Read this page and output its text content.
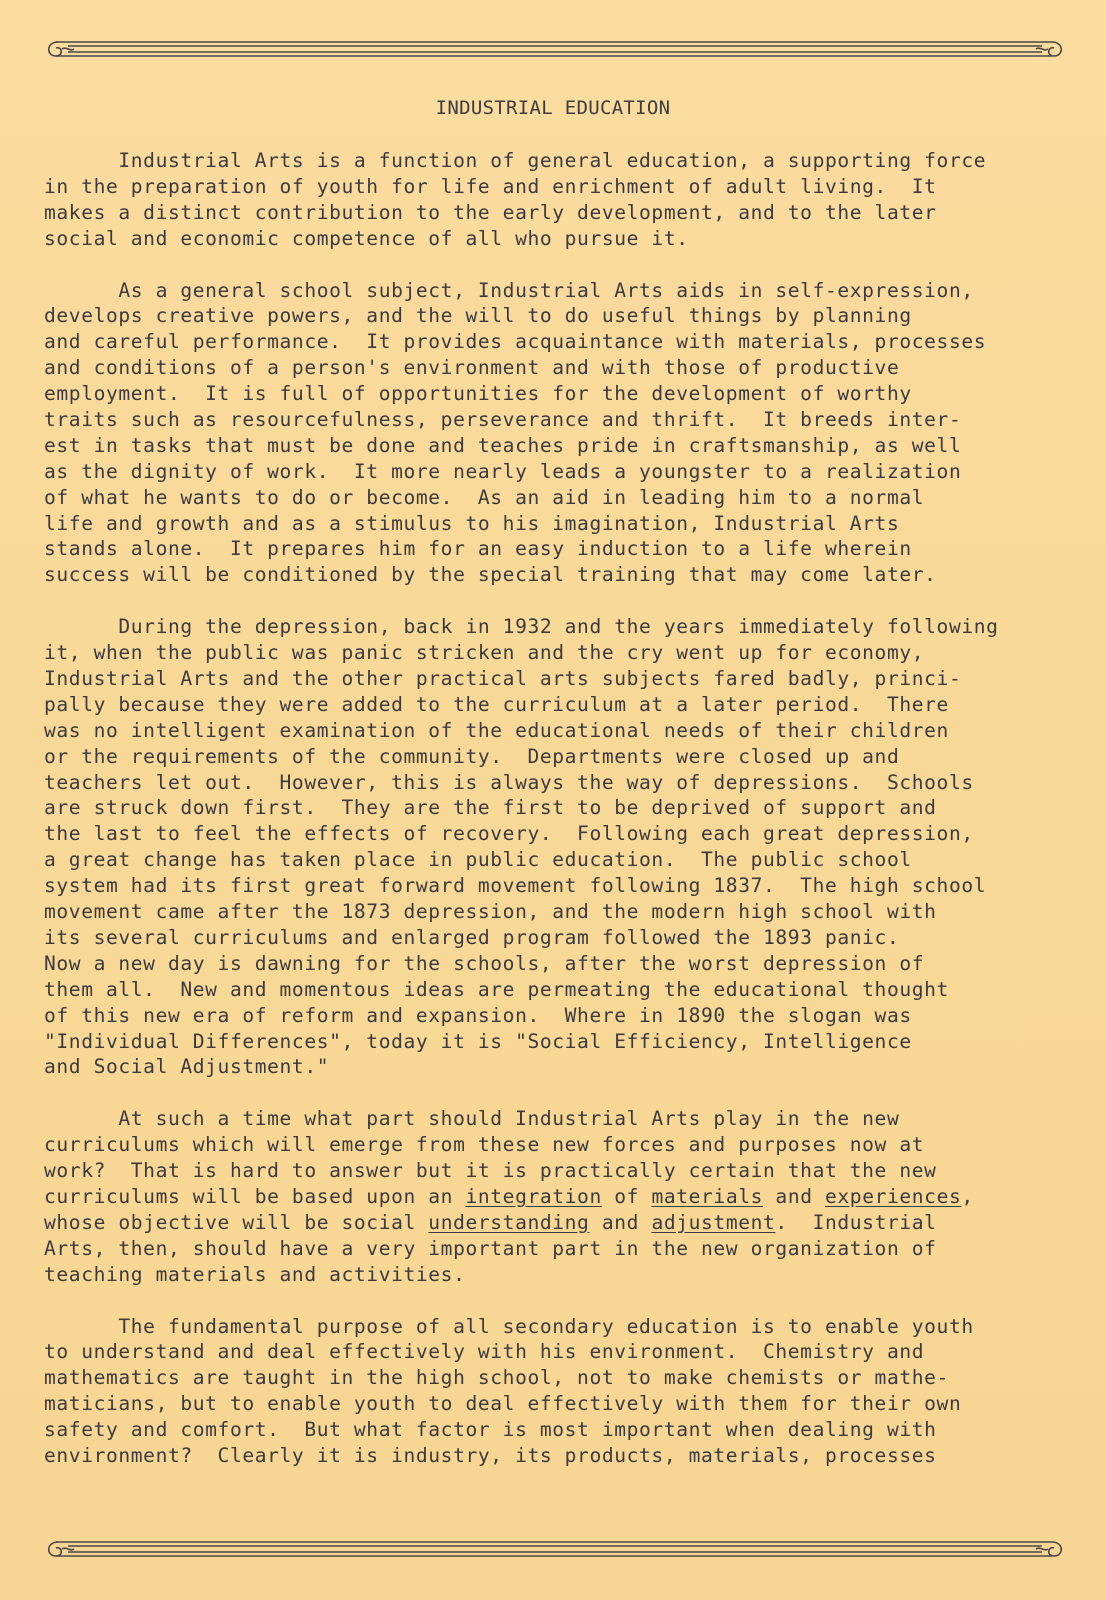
INDUSTRIAL EDUCATION
Industrial Arts is a function of general education, a supporting force
in the preparation of youth for life and enrichment of adult living.  It
makes a distinct contribution to the early development, and to the later
social and economic competence of all who pursue it.
As a general school subject, Industrial Arts aids in self-expression,
develops creative powers, and the will to do useful things by planning
and careful performance.  It provides acquaintance with materials, processes
and conditions of a person's environment and with those of productive
employment.  It is full of opportunities for the development of worthy
traits such as resourcefulness, perseverance and thrift.  It breeds inter-
est in tasks that must be done and teaches pride in craftsmanship, as well
as the dignity of work.  It more nearly leads a youngster to a realization
of what he wants to do or become.  As an aid in leading him to a normal
life and growth and as a stimulus to his imagination, Industrial Arts
stands alone.  It prepares him for an easy induction to a life wherein
success will be conditioned by the special training that may come later.
During the depression, back in 1932 and the years immediately following
it, when the public was panic stricken and the cry went up for economy,
Industrial Arts and the other practical arts subjects fared badly, princi-
pally because they were added to the curriculum at a later period.  There
was no intelligent examination of the educational needs of their children
or the requirements of the community.  Departments were closed up and
teachers let out.  However, this is always the way of depressions.  Schools
are struck down first.  They are the first to be deprived of support and
the last to feel the effects of recovery.  Following each great depression,
a great change has taken place in public education.  The public school
system had its first great forward movement following 1837.  The high school
movement came after the 1873 depression, and the modern high school with
its several curriculums and enlarged program followed the 1893 panic.
Now a new day is dawning for the schools, after the worst depression of
them all.  New and momentous ideas are permeating the educational thought
of this new era of reform and expansion.  Where in 1890 the slogan was
"Individual Differences", today it is "Social Efficiency, Intelligence
and Social Adjustment."
At such a time what part should Industrial Arts play in the new
curriculums which will emerge from these new forces and purposes now at
work?  That is hard to answer but it is practically certain that the new
curriculums will be based upon an integration of materials and experiences,
whose objective will be social understanding and adjustment.  Industrial
Arts, then, should have a very important part in the new organization of
teaching materials and activities.
The fundamental purpose of all secondary education is to enable youth
to understand and deal effectively with his environment.  Chemistry and
mathematics are taught in the high school, not to make chemists or mathe-
maticians, but to enable youth to deal effectively with them for their own
safety and comfort.  But what factor is most important when dealing with
environment?  Clearly it is industry, its products, materials, processes
